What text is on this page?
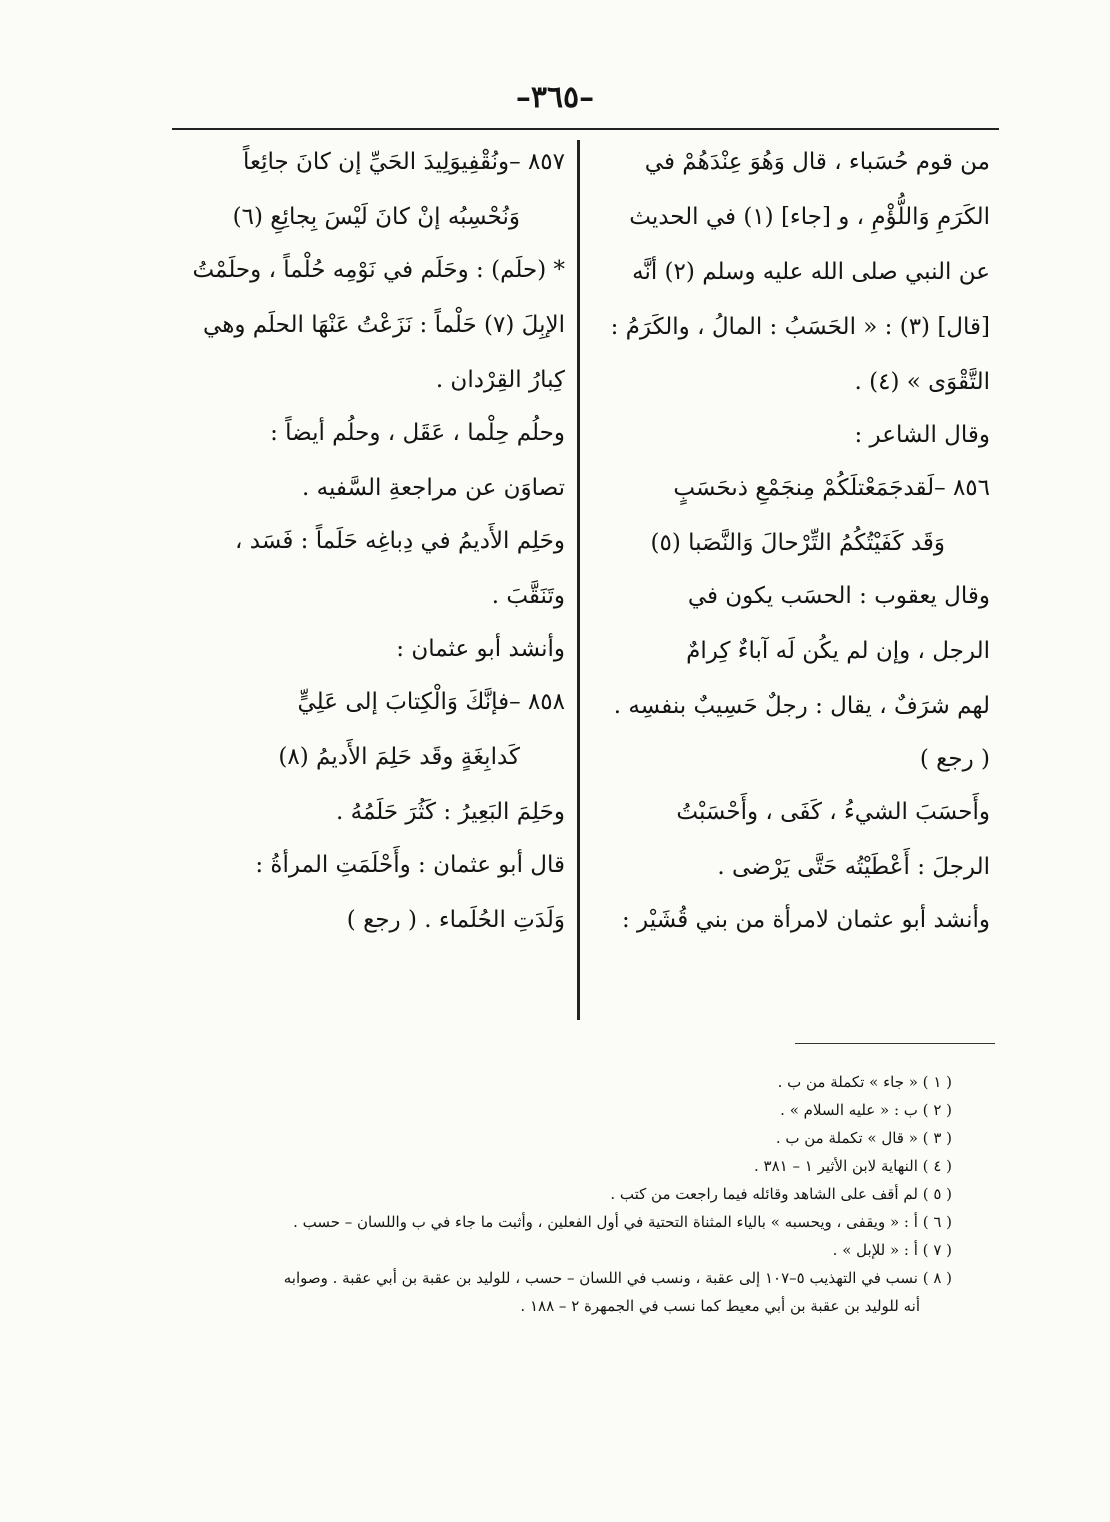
–٣٦٥–
من قوم حُسَباء ، قال وَهُوَ عِنْدَهُمْ في
الكَرَمِ وَاللُّؤْمِ ، و [جاء] (١) في الحديث
عن النبي صلى الله عليه وسلم (٢) أنَّه
[قال] (٣) : « الحَسَبُ : المالُ ، والكَرَمُ :
التَّقْوَى » (٤) .
وقال الشاعر :
٨٥٦ –لَقدجَمَعْتلَكُمْ مِنجَمْعِ ذىحَسَبٍ
وَقَد كَفَيْتُكُمُ التِّرْحالَ وَالنَّصَبا (٥)
وقال يعقوب : الحسَب يكون في
الرجل ، وإن لم يكُن لَه آباءٌ كِرامٌ
لهم شرَفٌ ، يقال : رجلٌ حَسِيبٌ بنفسِه .
( رجع )
وأَحسَبَ الشيءُ ، كَفَى ، وأَحْسَبْتُ
الرجلَ : أَعْطَيْتُه حَتَّى يَرْضى .
وأنشد أبو عثمان لامرأة من بني قُشَيْر :
٨٥٧ –ونُقْفِيوَلِيدَ الحَيِّ إن كانَ جائِعاً
وَنُحْسِبُه إنْ كانَ لَيْسَ بِجائِعِ (٦)
* (حلَم) : وحَلَم في نَوْمِه حُلْماً ، وحلَمْتُ
الإبِلَ (٧) حَلْماً : نَزَعْتُ عَنْهَا الحلَم وهي
كِبارُ القِرْدان .
وحلُم حِلْما ، عَقَل ، وحلُم أيضاً :
تصاوَن عن مراجعةِ السَّفيه .
وحَلِم الأَديمُ في دِباغِه حَلَماً : فَسَد ،
وتَنَقَّبَ .
وأنشد أبو عثمان :
٨٥٨ –فإنَّكَ وَالْكِتابَ إلى عَلِيٍّ
كَدابِغَةٍ وقَد حَلِمَ الأَديمُ (٨)
وحَلِمَ البَعِيرُ : كَثُرَ حَلَمُهُ .
قال أبو عثمان : وأَحْلَمَتِ المرأةُ :
وَلَدَتِ الحُلَماء . ( رجع )
( ١ ) « جاء » تكملة من ب .
( ٢ ) ب : « عليه السلام » .
( ٣ ) « قال » تكملة من ب .
( ٤ ) النهاية لابن الأثير ١ – ٣٨١ .
( ٥ ) لم أقف على الشاهد وقائله فيما راجعت من كتب .
( ٦ ) أ : « ويقفى ، ويحسبه » بالياء المثناة التحتية في أول الفعلين ، وأثبت ما جاء في ب واللسان – حسب .
( ٧ ) أ : « للإبل » .
( ٨ ) نسب في التهذيب ٥–١٠٧ إلى عقبة ، ونسب في اللسان – حسب ، للوليد بن عقبة بن أبي عقبة . وصوابه
أنه للوليد بن عقبة بن أبي معيط كما نسب في الجمهرة ٢ – ١٨٨ .
